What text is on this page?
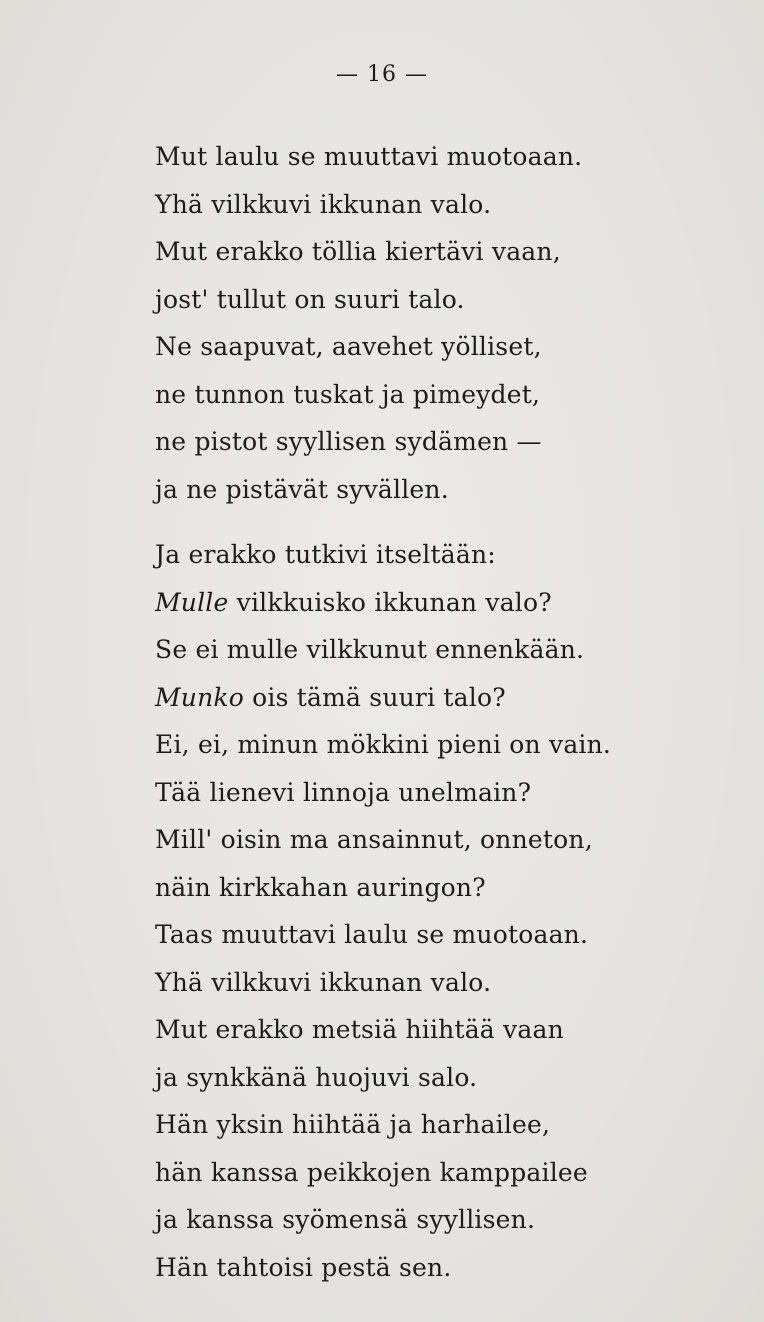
— 16 —
Mut laulu se muuttavi muotoaan.
Yhä vilkkuvi ikkunan valo.
Mut erakko töllia kiertävi vaan,
jost' tullut on suuri talo.
Ne saapuvat, aavehet yölliset,
ne tunnon tuskat ja pimeydet,
ne pistot syyllisen sydämen —
ja ne pistävät syvällen.
Ja erakko tutkivi itseltään:
Mulle vilkkuisko ikkunan valo?
Se ei mulle vilkkunut ennenkään.
Munko ois tämä suuri talo?
Ei, ei, minun mökkini pieni on vain.
Tää lienevi linnoja unelmain?
Mill' oisin ma ansainnut, onneton,
näin kirkkahan auringon?
Taas muuttavi laulu se muotoaan.
Yhä vilkkuvi ikkunan valo.
Mut erakko metsiä hiihtää vaan
ja synkkänä huojuvi salo.
Hän yksin hiihtää ja harhailee,
hän kanssa peikkojen kamppailee
ja kanssa syömensä syyllisen.
Hän tahtoisi pestä sen.
